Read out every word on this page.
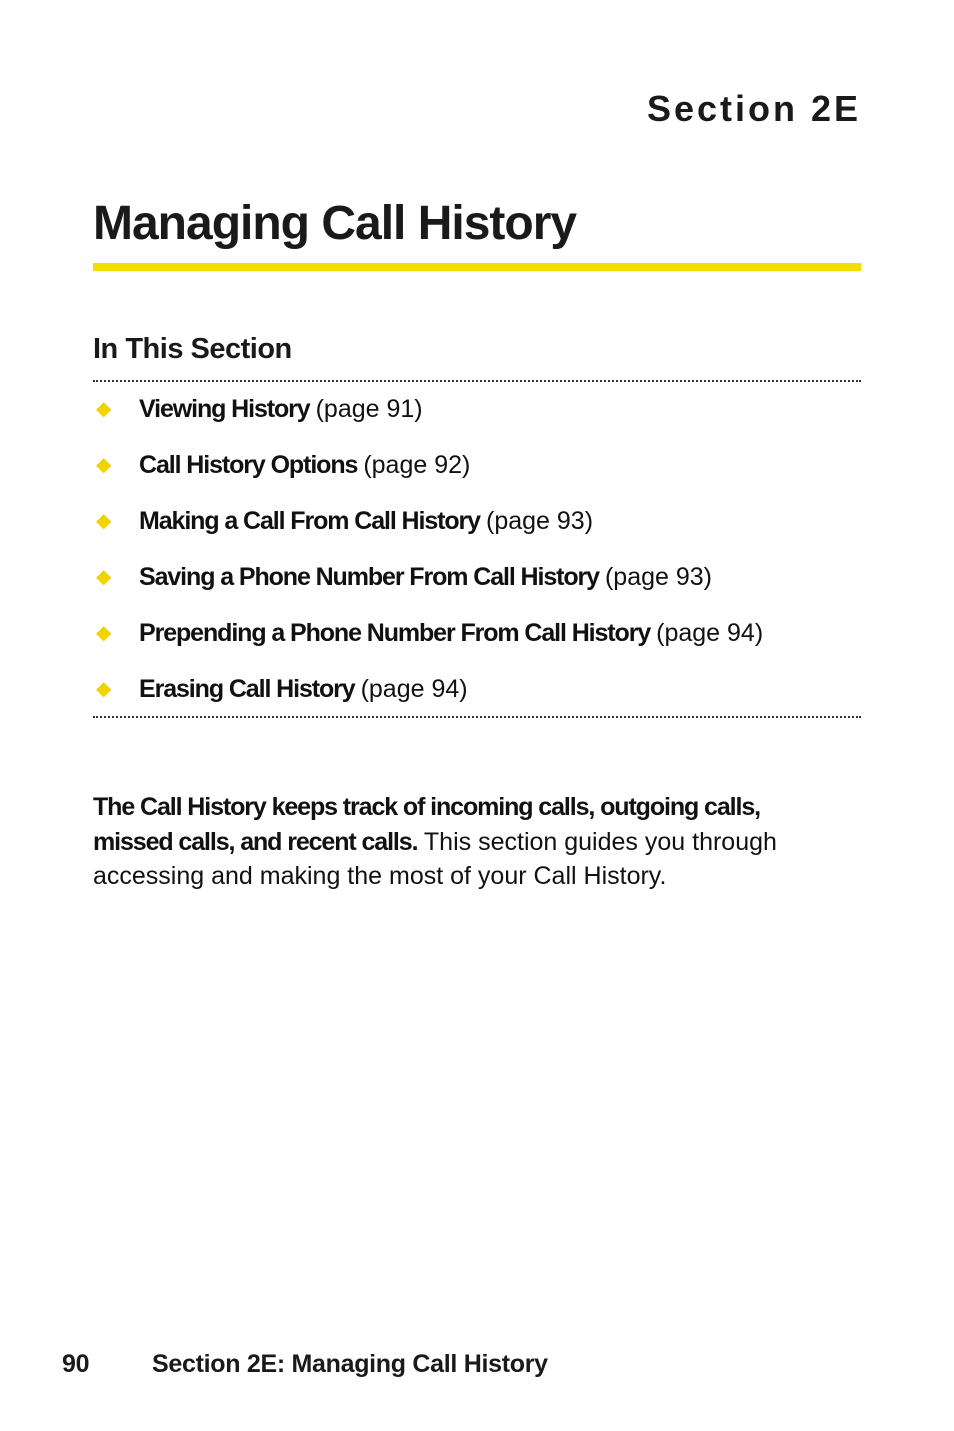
Section 2E
Managing Call History
In This Section
◆	Viewing History (page 91)
◆	Call History Options (page 92)
◆	Making a Call From Call History (page 93)
◆	Saving a Phone Number From Call History (page 93)
◆	Prepending a Phone Number From Call History (page 94)
◆	Erasing Call History (page 94)

The Call History keeps track of incoming calls, outgoing calls, missed calls, and recent calls. This section guides you through accessing and making the most of your Call History.

90	Section 2E: Managing Call History
